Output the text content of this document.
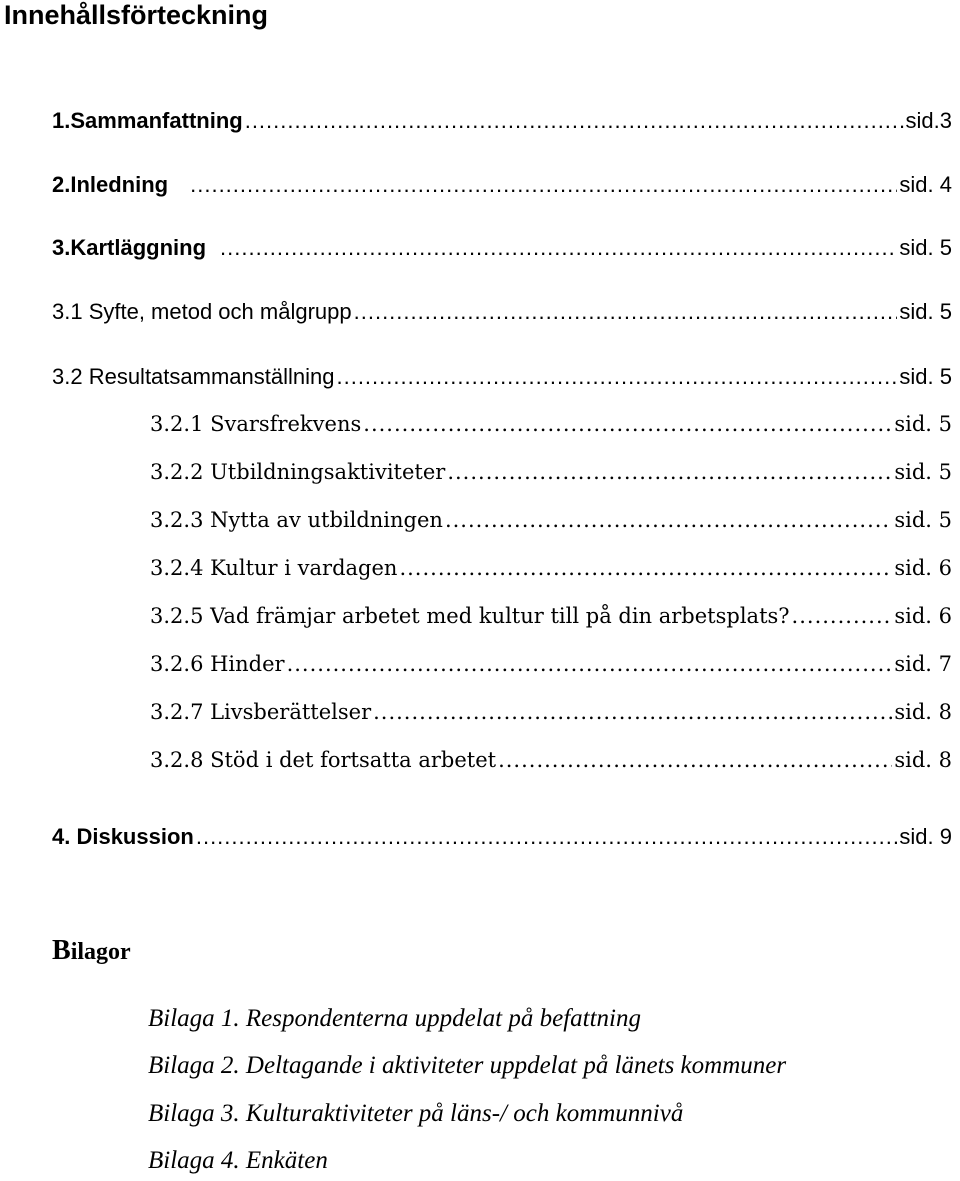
Innehållsförteckning
1.Sammanfattning .....	sid.3
2.Inledning .....	sid. 4
3.Kartläggning .....	sid. 5
3.1 Syfte, metod och målgrupp .....	sid. 5
3.2 Resultatsammanställning .....	sid. 5
3.2.1 Svarsfrekvens .....	sid. 5
3.2.2 Utbildningsaktiviteter .....	sid. 5
3.2.3 Nytta av utbildningen .....	sid. 5
3.2.4 Kultur i vardagen .....	sid. 6
3.2.5 Vad främjar arbetet med kultur till på din arbetsplats? .....	sid. 6
3.2.6 Hinder .....	sid. 7
3.2.7 Livsberättelser .....	sid. 8
3.2.8 Stöd i det fortsatta arbetet .....	sid. 8
4. Diskussion .....	sid. 9
Bilagor
Bilaga 1. Respondenterna uppdelat på befattning
Bilaga 2. Deltagande i aktiviteter uppdelat på länets kommuner
Bilaga 3. Kulturaktiviteter på läns-/ och kommunnivå
Bilaga 4. Enkäten
